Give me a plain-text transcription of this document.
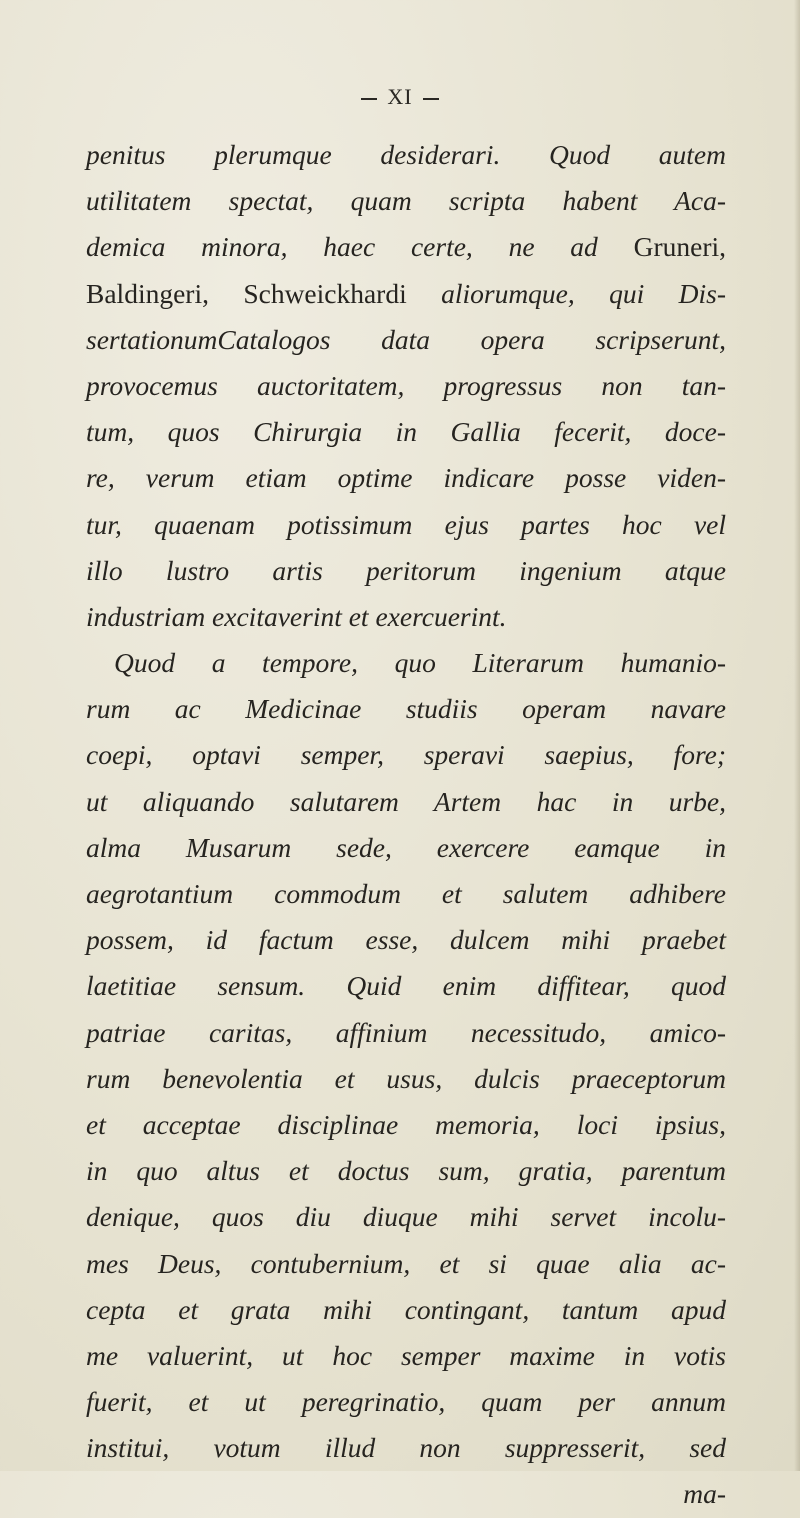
XI
penitus plerumque desiderari. Quod autem
utilitatem spectat, quam scripta habent Aca-
demica minora, haec certe, ne ad Gruneri,
Baldingeri, Schweickhardi aliorumque, qui Dis-
sertationumCatalogos data opera scripserunt,
provocemus auctoritatem, progressus non tan-
tum, quos Chirurgia in Gallia fecerit, doce-
re, verum etiam optime indicare posse viden-
tur, quaenam potissimum ejus partes hoc vel
illo lustro artis peritorum ingenium atque
industriam excitaverint et exercuerint.
Quod a tempore, quo Literarum humanio-
rum ac Medicinae studiis operam navare
coepi, optavi semper, speravi saepius, fore;
ut aliquando salutarem Artem hac in urbe,
alma Musarum sede, exercere eamque in
aegrotantium commodum et salutem adhibere
possem, id factum esse, dulcem mihi praebet
laetitiae sensum. Quid enim diffitear, quod
patriae caritas, affinium necessitudo, amico-
rum benevolentia et usus, dulcis praeceptorum
et acceptae disciplinae memoria, loci ipsius,
in quo altus et doctus sum, gratia, parentum
denique, quos diu diuque mihi servet incolu-
mes Deus, contubernium, et si quae alia ac-
cepta et grata mihi contingant, tantum apud
me valuerint, ut hoc semper maxime in votis
fuerit, et ut peregrinatio, quam per annum
institui, votum illud non suppresserit, sed
ma-
